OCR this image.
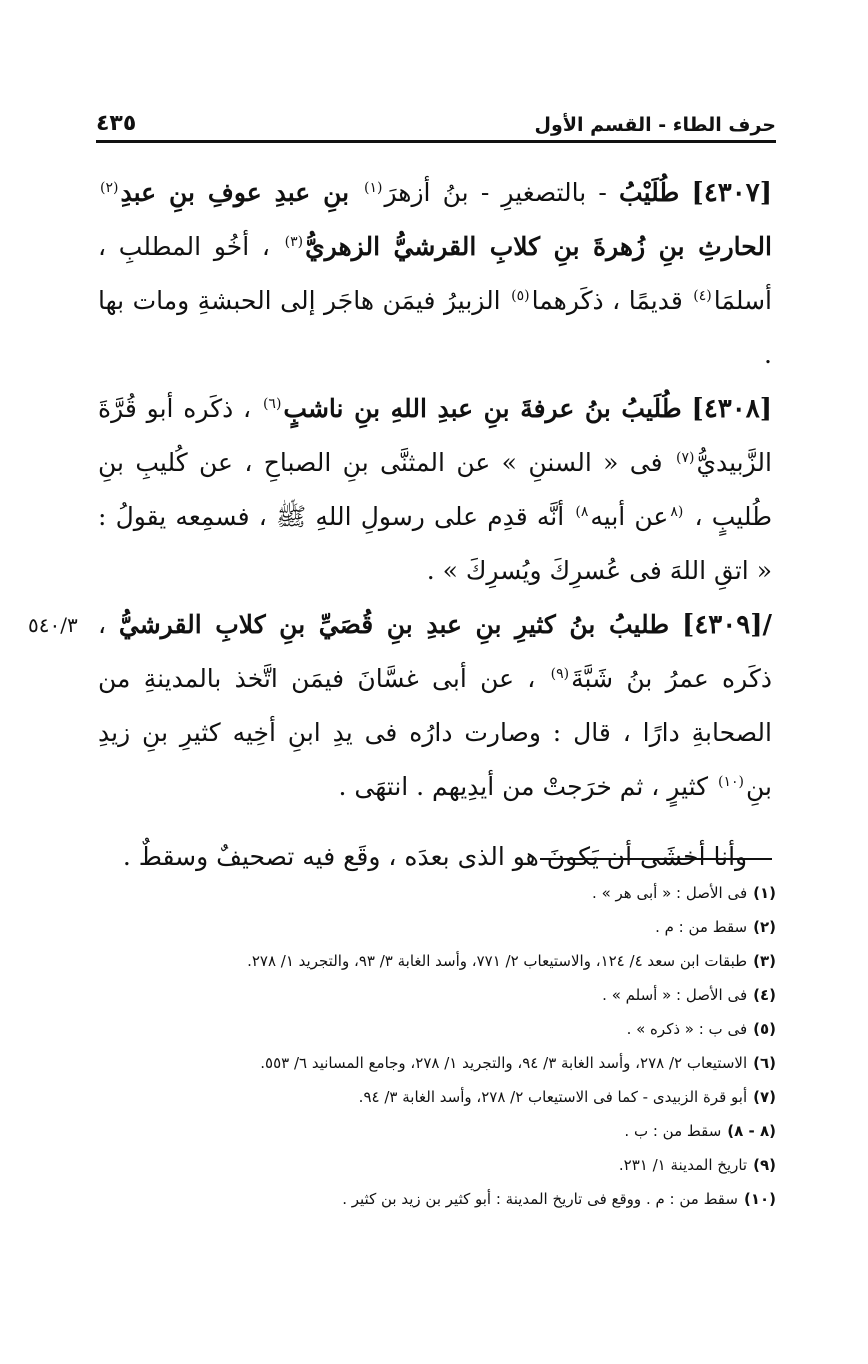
حرف الطاء - القسم الأول
٤٣٥

[٤٣٠٧] طُلَيْبُ - بالتصغيرِ - بنُ أزهرَ$^{(١)}$ بنِ عبدِ عوفِ بنِ عبدِ$^{(٢)}$ الحارثِ بنِ زُهرةَ بنِ كلابِ القرشيُّ الزهريُّ$^{(٣)}$ ، أخُو المطلبِ ، أسلمَا$^{(٤)}$ قديمًا ، ذكَرهما$^{(٥)}$ الزبيرُ فيمَن هاجَر إلى الحبشةِ ومات بها .

[٤٣٠٨] طُلَيبُ بنُ عرفةَ بنِ عبدِ اللهِ بنِ ناشبٍ$^{(٦)}$ ، ذكَره أبو قُرَّةَ الزَّبيديُّ$^{(٧)}$ فى « السننِ » عن المثنَّى بنِ الصباحِ ، عن كُليبِ بنِ طُليبٍ ، $^{(٨}$عن أبيه$^{٨)}$ أنَّه قدِم على رسولِ اللهِ ﷺ ، فسمِعه يقولُ : « اتقِ اللهَ فى عُسرِكَ ويُسرِكَ » .

٥٤٠/٣	/[٤٣٠٩] طليبُ بنُ كثيرِ بنِ عبدِ بنِ قُصَيِّ بنِ كلابِ القرشيُّ ، ذكَره عمرُ بنُ شَبَّةَ$^{(٩)}$ ، عن أبى غسَّانَ فيمَن اتَّخذ بالمدينةِ من الصحابةِ دارًا ، قال : وصارت دارُه فى يدِ ابنِ أخِيه كثيرِ بنِ زيدِ بنِ$^{(١٠)}$ كثيرٍ ، ثم خرَجتْ من أيدِيهم . انتهَى .

وأنا أخشَى أن يَكونَ هو الذى بعدَه ، وقَع فيه تصحيفٌ وسقطٌ .

(١)فى الأصل : « أبى هر » .
(٢)سقط من : م .
(٣)طبقات ابن سعد ٤/ ١٢٤، والاستيعاب ٢/ ٧٧١، وأسد الغابة ٣/ ٩٣، والتجريد ١/ ٢٧٨.
(٤)فى الأصل : « أسلم » .
(٥)فى ب : « ذكره » .
(٦)الاستيعاب ٢/ ٢٧٨، وأسد الغابة ٣/ ٩٤، والتجريد ١/ ٢٧٨، وجامع المسانيد ٦/ ٥٥٣.
(٧)أبو قرة الزبيدى - كما فى الاستيعاب ٢/ ٢٧٨، وأسد الغابة ٣/ ٩٤.
(٨ - ٨)سقط من : ب .
(٩)تاريخ المدينة ١/ ٢٣١.
(١٠)سقط من : م . ووقع فى تاريخ المدينة : أبو كثير بن زيد بن كثير .
